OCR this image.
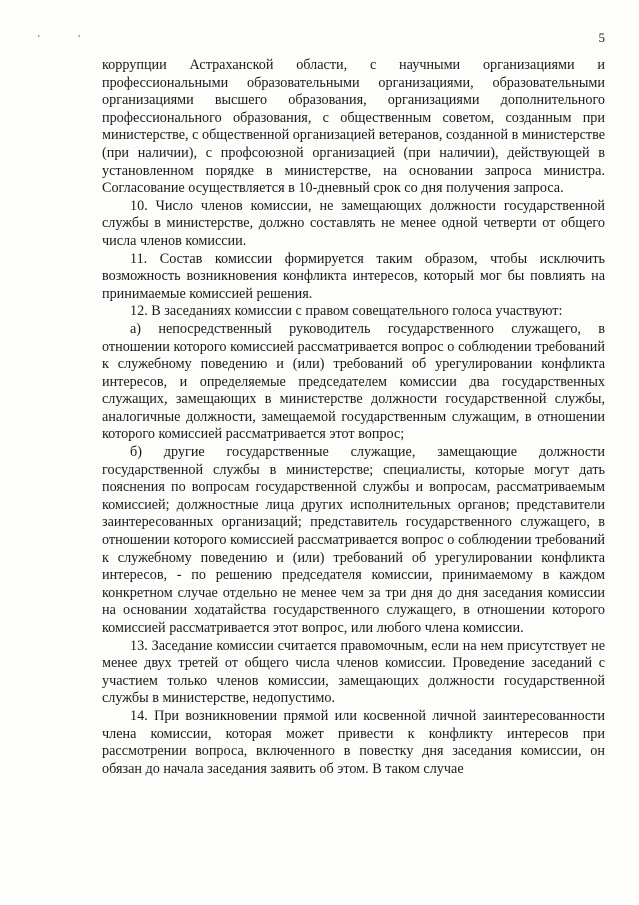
' '	5

коррупции Астраханской области, с научными организациями и профессиональными образовательными организациями, образовательными организациями высшего образования, организациями дополнительного профессионального образования, с общественным советом, созданным при министерстве, с общественной организацией ветеранов, созданной в министерстве (при наличии), с профсоюзной организацией (при наличии), действующей в установленном порядке в министерстве, на основании запроса министра. Согласование осуществляется в 10-дневный срок со дня получения запроса.

10. Число членов комиссии, не замещающих должности государственной службы в министерстве, должно составлять не менее одной четверти от общего числа членов комиссии.

11. Состав комиссии формируется таким образом, чтобы исключить возможность возникновения конфликта интересов, который мог бы повлиять на принимаемые комиссией решения.

12. В заседаниях комиссии с правом совещательного голоса участвуют:

а) непосредственный руководитель государственного служащего, в отношении которого комиссией рассматривается вопрос о соблюдении требований к служебному поведению и (или) требований об урегулировании конфликта интересов, и определяемые председателем комиссии два государственных служащих, замещающих в министерстве должности государственной службы, аналогичные должности, замещаемой государственным служащим, в отношении которого комиссией рассматривается этот вопрос;

б) другие государственные служащие, замещающие должности государственной службы в министерстве; специалисты, которые могут дать пояснения по вопросам государственной службы и вопросам, рассматриваемым комиссией; должностные лица других исполнительных органов; представители заинтересованных организаций; представитель государственного служащего, в отношении которого комиссией рассматривается вопрос о соблюдении требований к служебному поведению и (или) требований об урегулировании конфликта интересов, - по решению председателя комиссии, принимаемому в каждом конкретном случае отдельно не менее чем за три дня до дня заседания комиссии на основании ходатайства государственного служащего, в отношении которого комиссией рассматривается этот вопрос, или любого члена комиссии.

13. Заседание комиссии считается правомочным, если на нем присутствует не менее двух третей от общего числа членов комиссии. Проведение заседаний с участием только членов комиссии, замещающих должности государственной службы в министерстве, недопустимо.

14. При возникновении прямой или косвенной личной заинтересованности члена комиссии, которая может привести к конфликту интересов при рассмотрении вопроса, включенного в повестку дня заседания комиссии, он обязан до начала заседания заявить об этом. В таком случае
